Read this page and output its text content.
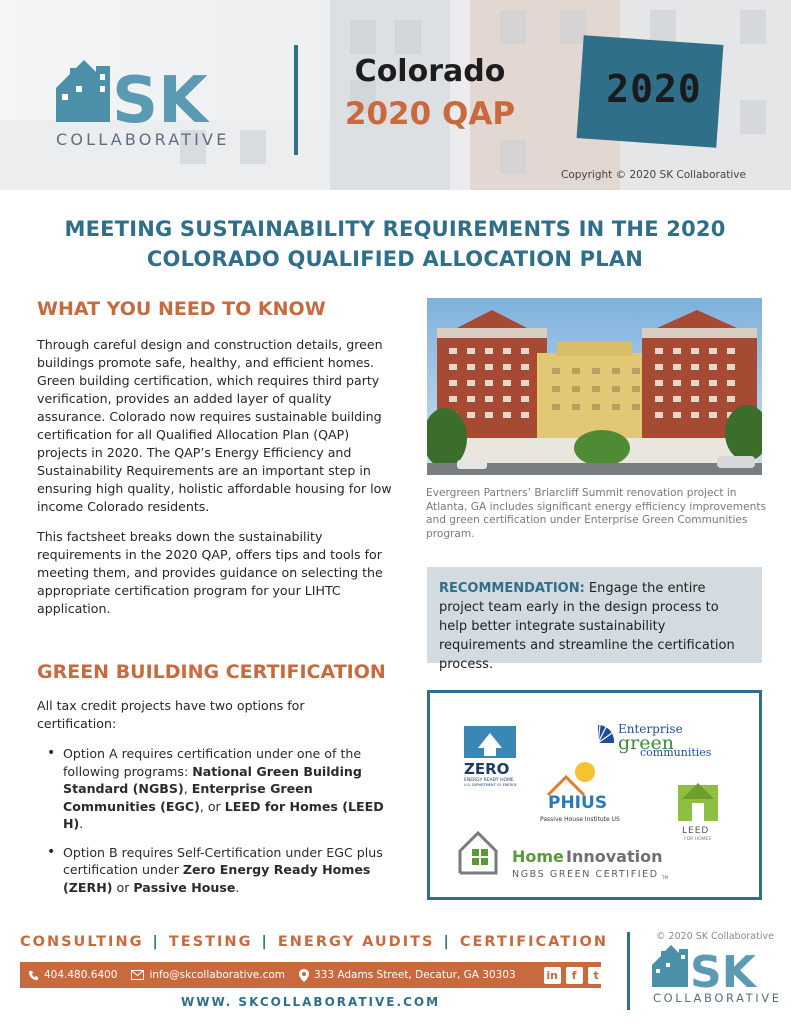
SK
COLLABORATIVE
Colorado
2020 QAP
2020
Copyright © 2020 SK Collaborative
MEETING SUSTAINABILITY REQUIREMENTS IN THE 2020
COLORADO QUALIFIED ALLOCATION PLAN
WHAT YOU NEED TO KNOW

Through careful design and construction details, green buildings promote safe, healthy, and efficient homes. Green building certification, which requires third party verification, provides an added layer of quality assurance. Colorado now requires sustainable building certification for all Qualified Allocation Plan (QAP) projects in 2020. The QAP’s Energy Efficiency and Sustainability Requirements are an important step in ensuring high quality, holistic affordable housing for low income Colorado residents.

This factsheet breaks down the sustainability requirements in the 2020 QAP, offers tips and tools for meeting them, and provides guidance on selecting the appropriate certification program for your LIHTC application.

GREEN BUILDING CERTIFICATION
All tax credit projects have two options for certification:
• Option A requires certification under one of the following programs: National Green Building Standard (NGBS), Enterprise Green Communities (EGC), or LEED for Homes (LEED H).
• Option B requires Self-Certification under EGC plus certification under Zero Energy Ready Homes (ZERH) or Passive House.
Evergreen Partners’ Briarcliff Summit renovation project in Atlanta, GA includes significant energy efficiency improvements and green certification under Enterprise Green Communities program.
RECOMMENDATION: Engage the entire project team early in the design process to help better integrate sustainability requirements and streamline the certification process.
ZERO
ENERGY READY HOME
U.S. DEPARTMENT OF ENERGY
Enterprise
green
communities
PHIUS
Passive House Institute US
LEED
FOR HOMES
Home Innovation
NGBS GREEN CERTIFIED TM
CONSULTING | TESTING | ENERGY AUDITS | CERTIFICATION
404.480.6400	info@skcollaborative.com	333 Adams Street, Decatur, GA 30303	in	f	t
WWW. SKCOLLABORATIVE.COM
© 2020 SK Collaborative
SK
COLLABORATIVE
